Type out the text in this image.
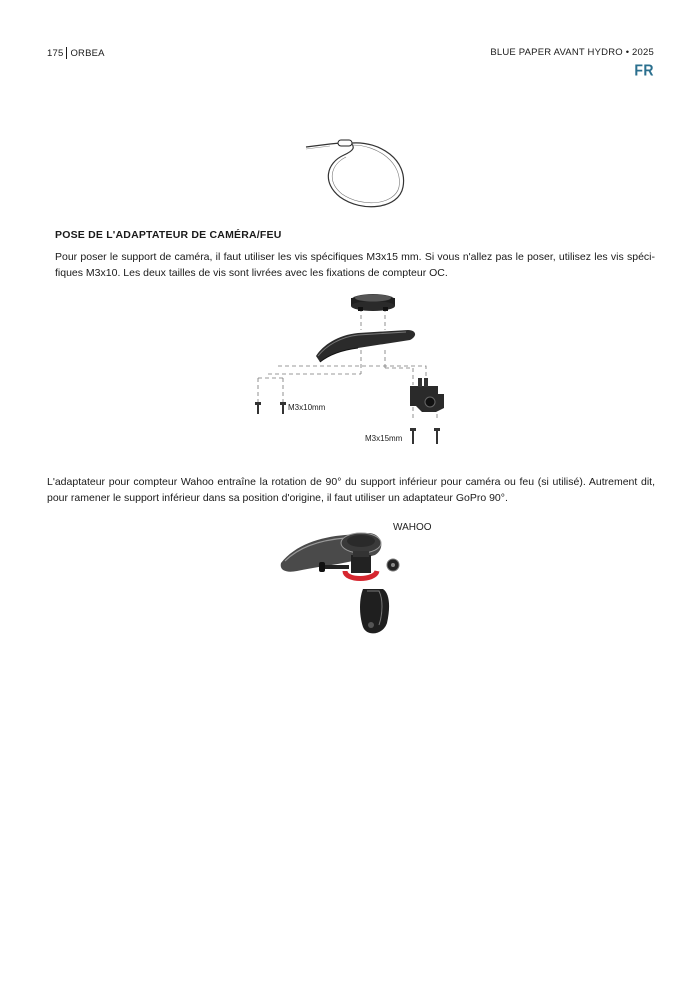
175 ORBEA	BLUE PAPER AVANT HYDRO • 2025
FR
POSE DE L'ADAPTATEUR DE CAMÉRA/FEU
Pour poser le support de caméra, il faut utiliser les vis spécifiques M3x15 mm. Si vous n'allez pas le poser, utilisez les vis spéci-fiques M3x10. Les deux tailles de vis sont livrées avec les fixations de compteur OC.
M3x10mm
M3x15mm
L'adaptateur pour compteur Wahoo entraîne la rotation de 90° du support inférieur pour caméra ou feu (si utilisé). Autrement dit, pour ramener le support inférieur dans sa position d'origine, il faut utiliser un adaptateur GoPro 90°.
WAHOO
